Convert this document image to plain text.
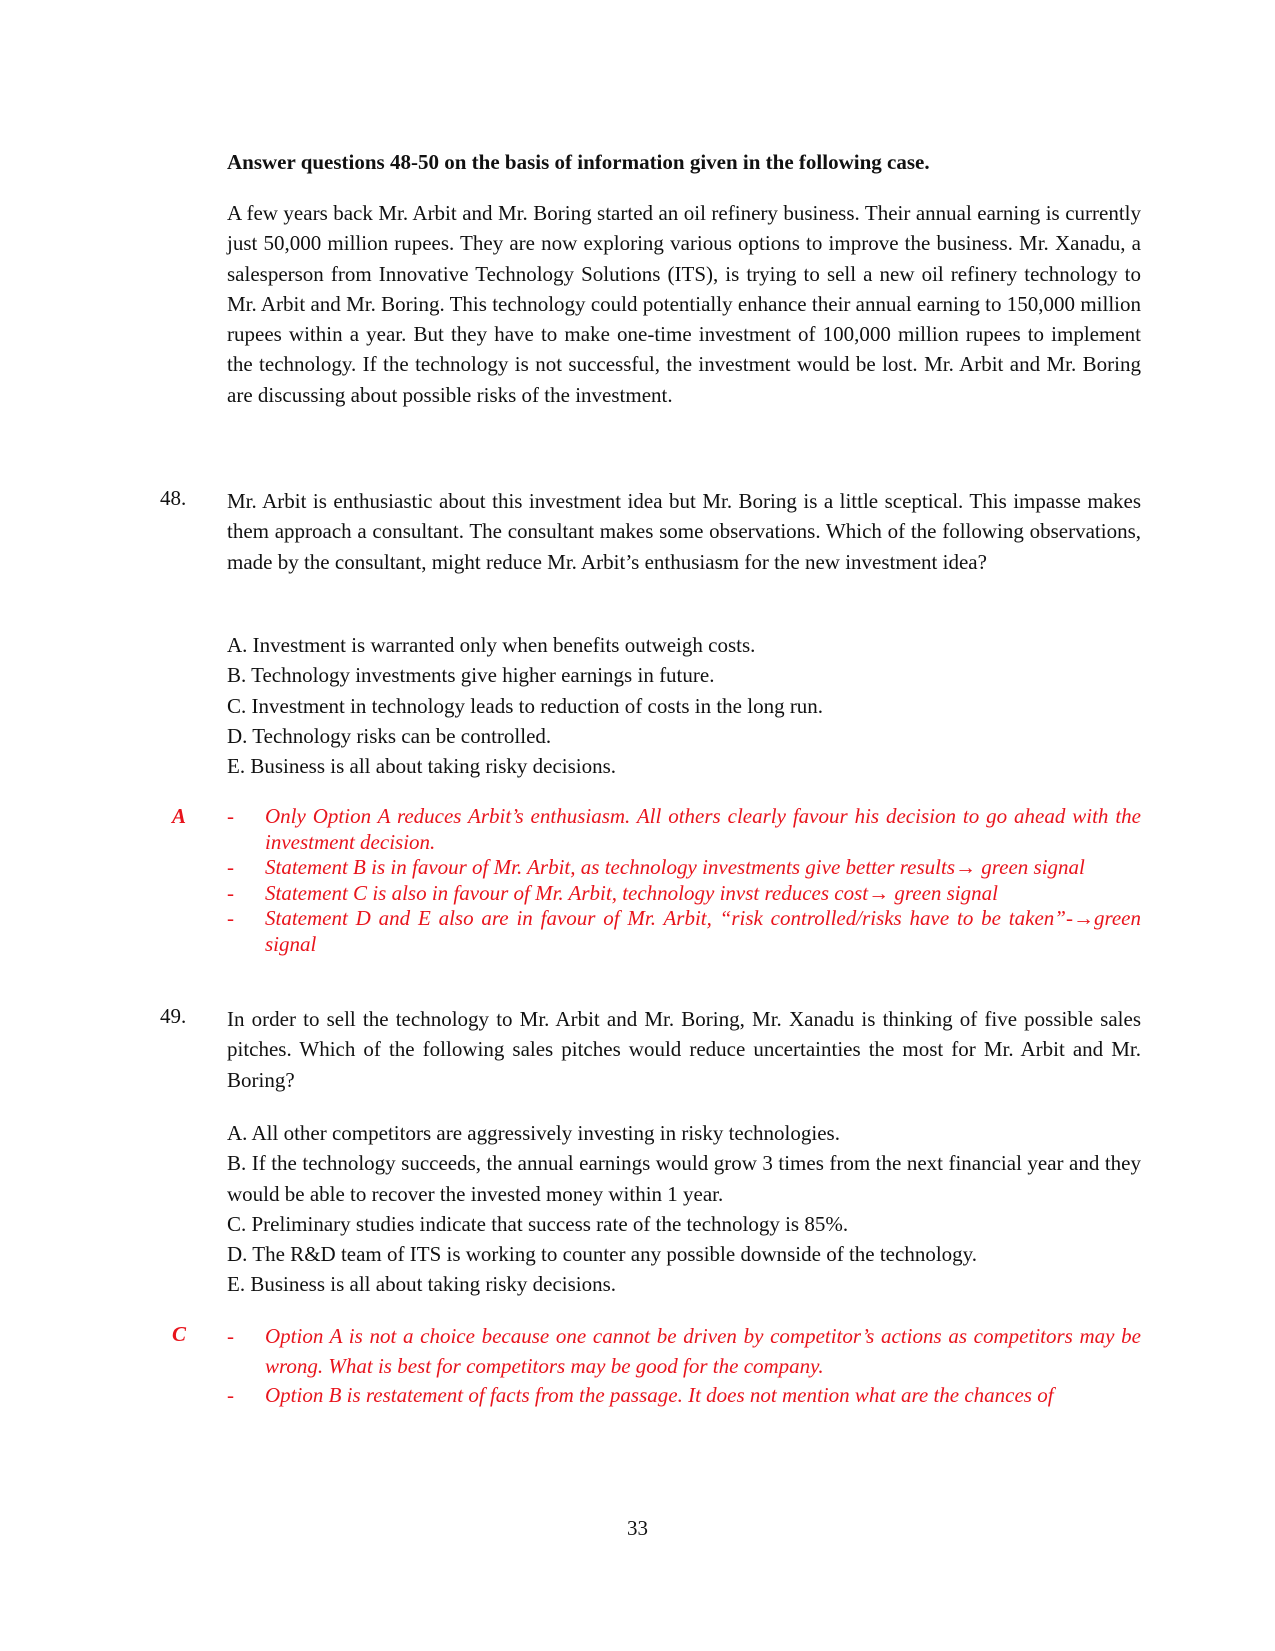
Answer questions 48-50 on the basis of information given in the following case.
A few years back Mr. Arbit and Mr. Boring started an oil refinery business. Their annual earning is currently just 50,000 million rupees. They are now exploring various options to improve the business. Mr. Xanadu, a salesperson from Innovative Technology Solutions (ITS), is trying to sell a new oil refinery technology to Mr. Arbit and Mr. Boring. This technology could potentially enhance their annual earning to 150,000 million rupees within a year. But they have to make one-time investment of 100,000 million rupees to implement the technology. If the technology is not successful, the investment would be lost. Mr. Arbit and Mr. Boring are discussing about possible risks of the investment.
48. Mr. Arbit is enthusiastic about this investment idea but Mr. Boring is a little sceptical. This impasse makes them approach a consultant. The consultant makes some observations. Which of the following observations, made by the consultant, might reduce Mr. Arbit’s enthusiasm for the new investment idea?
A. Investment is warranted only when benefits outweigh costs.
B. Technology investments give higher earnings in future.
C. Investment in technology leads to reduction of costs in the long run.
D. Technology risks can be controlled.
E. Business is all about taking risky decisions.
A - Only Option A reduces Arbit’s enthusiasm. All others clearly favour his decision to go ahead with the investment decision.
- Statement B is in favour of Mr. Arbit, as technology investments give better results→ green signal
- Statement C is also in favour of Mr. Arbit, technology invst reduces cost→ green signal
- Statement D and E also are in favour of Mr. Arbit, “risk controlled/risks have to be taken”-→green signal
49. In order to sell the technology to Mr. Arbit and Mr. Boring, Mr. Xanadu is thinking of five possible sales pitches. Which of the following sales pitches would reduce uncertainties the most for Mr. Arbit and Mr. Boring?
A. All other competitors are aggressively investing in risky technologies.
B. If the technology succeeds, the annual earnings would grow 3 times from the next financial year and they would be able to recover the invested money within 1 year.
C. Preliminary studies indicate that success rate of the technology is 85%.
D. The R&D team of ITS is working to counter any possible downside of the technology.
E. Business is all about taking risky decisions.
C - Option A is not a choice because one cannot be driven by competitor’s actions as competitors may be wrong. What is best for competitors may be good for the company.
- Option B is restatement of facts from the passage. It does not mention what are the chances of
33
